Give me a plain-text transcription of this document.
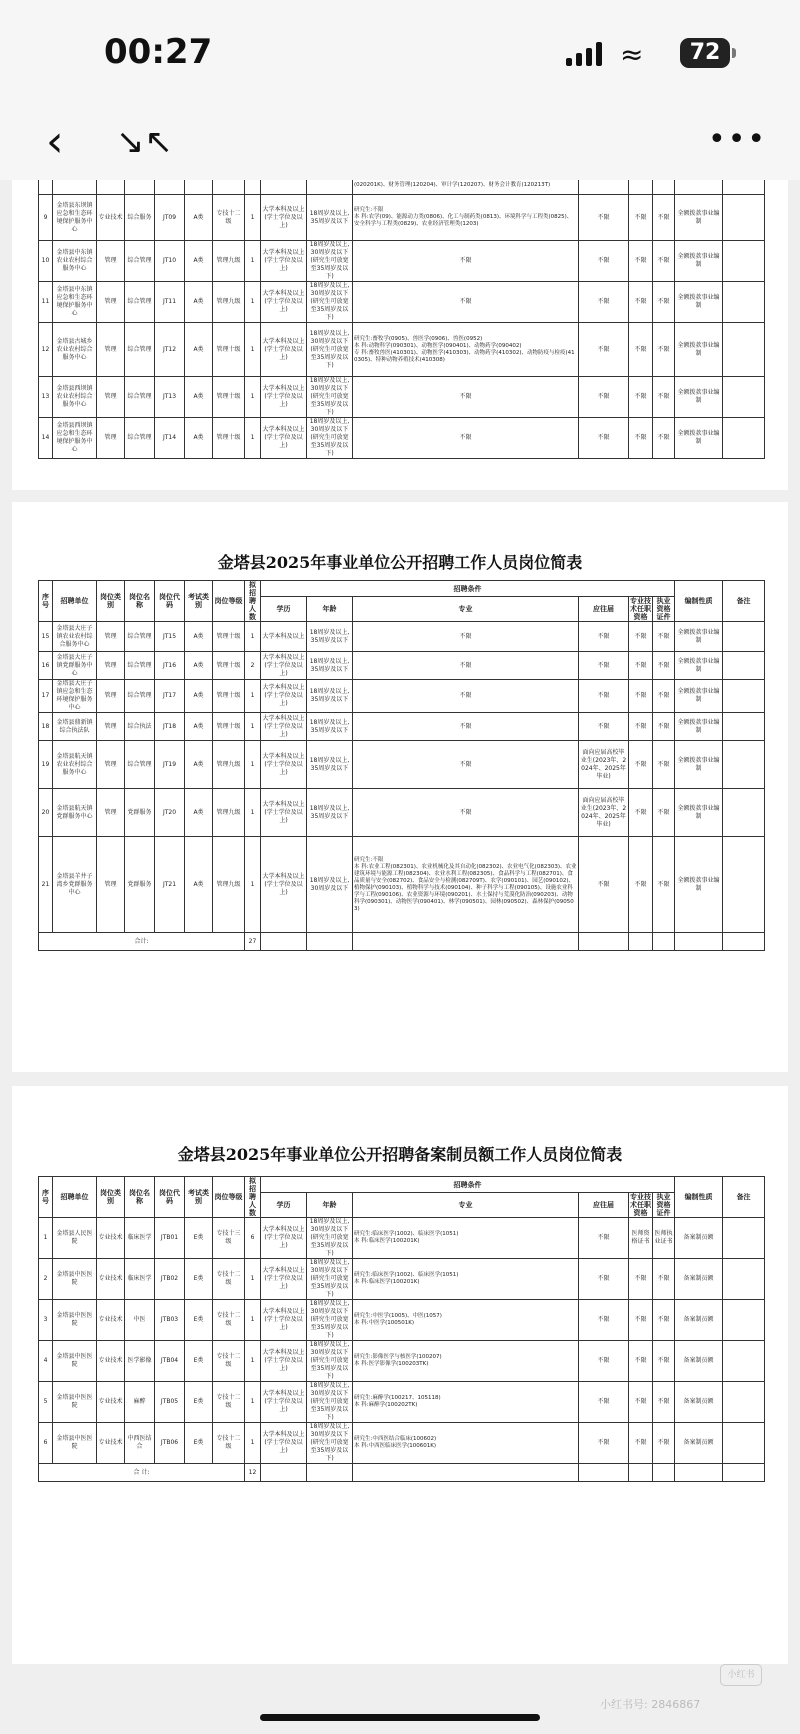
00:27	≈	72
‹ ↘↖	•••
										(020201K)、财务管理(120204)、审计学(120207)、财务会计教育(120213T)					
9	金塔县东坝镇应急和生态环境保护服务中心	专业技术	综合服务	JT09	A类	专技十二级	1	大学本科及以上(学士学位及以上)	18周岁及以上,35周岁及以下	研究生:不限
本 科:农学(09)、能源动力类(0806)、化工与制药类(0813)、环境科学与工程类(0825)、安全科学与工程类(0829)、农业经济管理类(1203)	不限	不限	不限	全额拨款事业编制	
10	金塔县中东镇农业农村综合服务中心	管理	综合管理	JT10	A类	管理九级	1	大学本科及以上(学士学位及以上)	18周岁及以上,30周岁及以下(研究生可放宽至35周岁及以下)	不限	不限	不限	不限	全额拨款事业编制	
11	金塔县中东镇应急和生态环境保护服务中心	管理	综合管理	JT11	A类	管理九级	1	大学本科及以上(学士学位及以上)	18周岁及以上,30周岁及以下(研究生可放宽至35周岁及以下)	不限	不限	不限	不限	全额拨款事业编制	
12	金塔县古城乡农业农村综合服务中心	管理	综合管理	JT12	A类	管理十级	1	大学本科及以上(学士学位及以上)	18周岁及以上,30周岁及以下(研究生可放宽至35周岁及以下)	研究生:畜牧学(0905)、兽医学(0906)、兽医(0952)
本 科:动物科学(090301)、动物医学(090401)、动物药学(090402)
专 科:畜牧兽医(410301)、动物医学(410303)、动物药学(410302)、动物防疫与检疫(410305)、特种动物养殖技术(410308)	不限	不限	不限	全额拨款事业编制	
13	金塔县西坝镇农业农村综合服务中心	管理	综合管理	JT13	A类	管理十级	1	大学本科及以上(学士学位及以上)	18周岁及以上,30周岁及以下(研究生可放宽至35周岁及以下)	不限	不限	不限	不限	全额拨款事业编制	
14	金塔县西坝镇应急和生态环境保护服务中心	管理	综合管理	JT14	A类	管理十级	1	大学本科及以上(学士学位及以上)	18周岁及以上,30周岁及以下(研究生可放宽至35周岁及以下)	不限	不限	不限	不限	全额拨款事业编制	
金塔县2025年事业单位公开招聘工作人员岗位简表
序号	招聘单位	岗位类别	岗位名称	岗位代码	考试类别	岗位等级	拟招聘人数	招聘条件						编制性质	备注
								学历	年龄	专业	应往届	专业技术任职资格	执业资格证件		
15	金塔县大庄子镇农业农村综合服务中心	管理	综合管理	JT15	A类	管理十级	1	大学本科及以上	18周岁及以上,35周岁及以下	不限	不限	不限	不限	全额拨款事业编制	
16	金塔县大庄子镇党群服务中心	管理	综合管理	JT16	A类	管理十级	2	大学本科及以上(学士学位及以上)	18周岁及以上,35周岁及以下	不限	不限	不限	不限	全额拨款事业编制	
17	金塔县大庄子镇应急和生态环境保护服务中心	管理	综合管理	JT17	A类	管理十级	1	大学本科及以上(学士学位及以上)	18周岁及以上,35周岁及以下	不限	不限	不限	不限	全额拨款事业编制	
18	金塔县鼎新镇综合执法队	管理	综合执法	JT18	A类	管理十级	1	大学本科及以上(学士学位及以上)	18周岁及以上,35周岁及以下	不限	不限	不限	不限	全额拨款事业编制	
19	金塔县航天镇农业农村综合服务中心	管理	综合管理	JT19	A类	管理九级	1	大学本科及以上(学士学位及以上)	18周岁及以上,35周岁及以下	不限	面向应届高校毕业生(2023年、2024年、2025年毕业)	不限	不限	全额拨款事业编制	
20	金塔县航天镇党群服务中心	管理	党群服务	JT20	A类	管理九级	1	大学本科及以上(学士学位及以上)	18周岁及以上,35周岁及以下	不限	面向应届高校毕业生(2023年、2024年、2025年毕业)	不限	不限	全额拨款事业编制	
21	金塔县羊井子湾乡党群服务中心	管理	党群服务	JT21	A类	管理九级	1	大学本科及以上(学士学位及以上)	18周岁及以上,30周岁及以下	研究生:不限
本 科:农业工程(082301)、农业机械化及其自动化(082302)、农业电气化(082303)、农业建筑环境与能源工程(082304)、农业水利工程(082305)、食品科学与工程(082701)、食品质量与安全(082702)、食品安全与检测(082709T)、农学(090101)、园艺(090102)、植物保护(090103)、植物科学与技术(090104)、种子科学与工程(090105)、设施农业科学与工程(090106)、农业资源与环境(090201)、水土保持与荒漠化防治(090203)、动物科学(090301)、动物医学(090401)、林学(090501)、园林(090502)、森林保护(090503)	不限	不限	不限	全额拨款事业编制	
合计:							27								
金塔县2025年事业单位公开招聘备案制员额工作人员岗位简表
序号	招聘单位	岗位类别	岗位名称	岗位代码	考试类别	岗位等级	拟招聘人数	招聘条件						编制性质	备注
								学历	年龄	专业	应往届	专业技术任职资格	执业资格证件		
1	金塔县人民医院	专业技术	临床医学	JTB01	E类	专技十三级	6	大学本科及以上(学士学位及以上)	18周岁及以上,30周岁及以下(研究生可放宽至35周岁及以下)	研究生:临床医学(1002)、临床医学(1051)
本 科:临床医学(100201K)	不限	医师资格证书	医师执业证书	备案制员额	
2	金塔县中医医院	专业技术	临床医学	JTB02	E类	专技十二级	1	大学本科及以上(学士学位及以上)	18周岁及以上,30周岁及以下(研究生可放宽至35周岁及以下)	研究生:临床医学(1002)、临床医学(1051)
本 科:临床医学(100201K)	不限	不限	不限	备案制员额	
3	金塔县中医医院	专业技术	中医	JTB03	E类	专技十二级	1	大学本科及以上(学士学位及以上)	18周岁及以上,30周岁及以下(研究生可放宽至35周岁及以下)	研究生:中医学(1005)、中医(1057)
本 科:中医学(100501K)	不限	不限	不限	备案制员额	
4	金塔县中医医院	专业技术	医学影像	JTB04	E类	专技十二级	1	大学本科及以上(学士学位及以上)	18周岁及以上,30周岁及以下(研究生可放宽至35周岁及以下)	研究生:影像医学与核医学(100207)
本 科:医学影像学(100203TK)	不限	不限	不限	备案制员额	
5	金塔县中医医院	专业技术	麻醉	JTB05	E类	专技十二级	1	大学本科及以上(学士学位及以上)	18周岁及以上,30周岁及以下(研究生可放宽至35周岁及以下)	研究生:麻醉学(100217、105118)
本 科:麻醉学(100202TK)	不限	不限	不限	备案制员额	
6	金塔县中医医院	专业技术	中西医结合	JTB06	E类	专技十二级	1	大学本科及以上(学士学位及以上)	18周岁及以上,30周岁及以下(研究生可放宽至35周岁及以下)	研究生:中西医结合临床(100602)
本 科:中西医临床医学(100601K)	不限	不限	不限	备案制员额	
合 计:							12								
小红书
小红书号: 2846867
